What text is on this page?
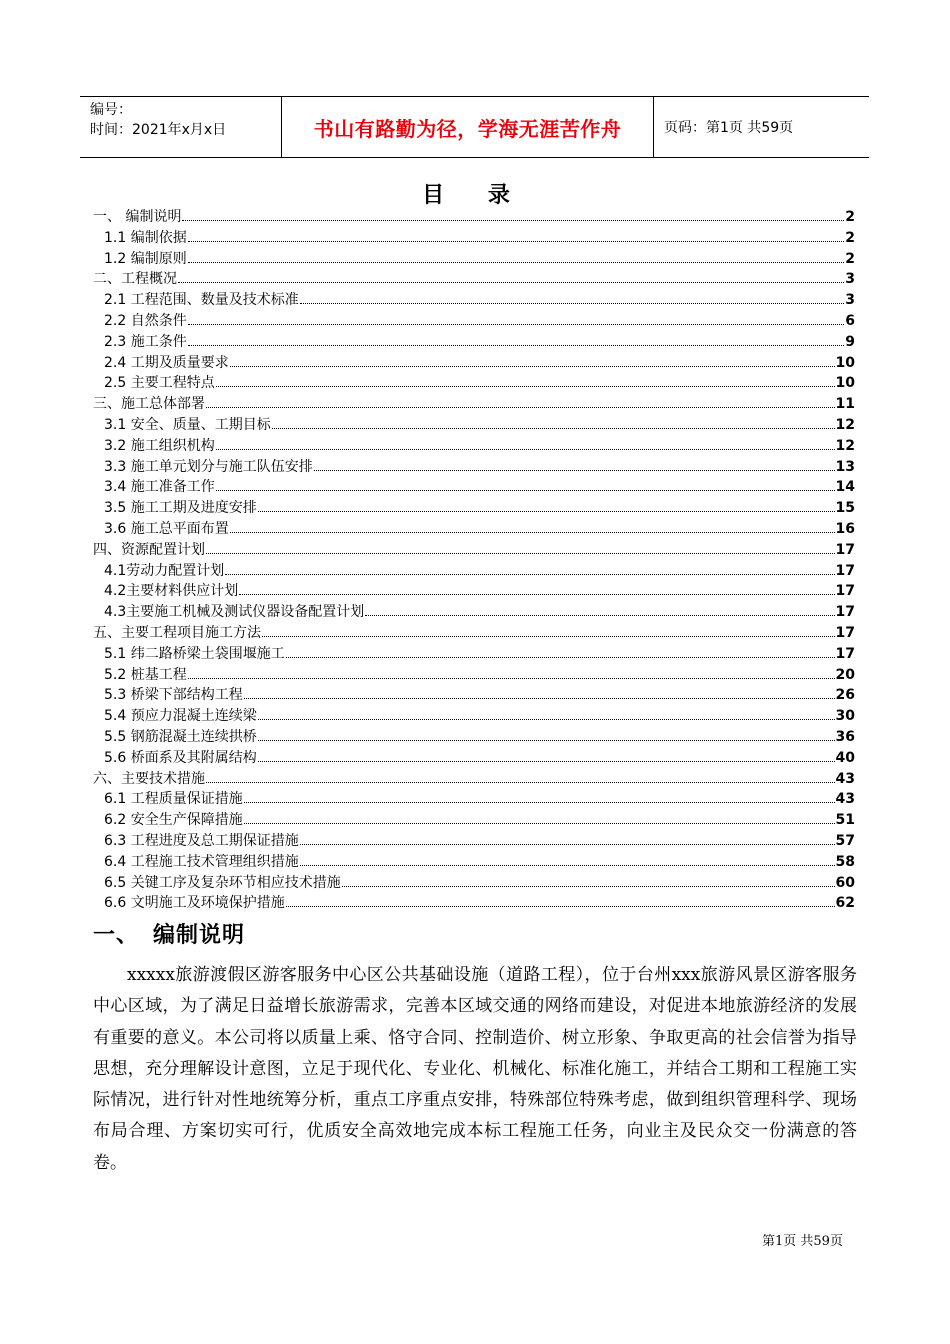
编号：
时间：2021年x月x日	书山有路勤为径，学海无涯苦作舟	页码：第1页 共59页
目 录
一、 编制说明	2
1.1 编制依据	2
1.2 编制原则	2
二、工程概况	3
2.1 工程范围、数量及技术标准	3
2.2 自然条件	6
2.3 施工条件	9
2.4 工期及质量要求	10
2.5 主要工程特点	10
三、施工总体部署	11
3.1 安全、质量、工期目标	12
3.2 施工组织机构	12
3.3 施工单元划分与施工队伍安排	13
3.4 施工准备工作	14
3.5 施工工期及进度安排	15
3.6 施工总平面布置	16
四、资源配置计划	17
4.1劳动力配置计划	17
4.2主要材料供应计划	17
4.3主要施工机械及测试仪器设备配置计划	17
五、主要工程项目施工方法	17
5.1 纬二路桥梁土袋围堰施工	17
5.2 桩基工程	20
5.3 桥梁下部结构工程	26
5.4 预应力混凝土连续梁	30
5.5 钢筋混凝土连续拱桥	36
5.6 桥面系及其附属结构	40
六、主要技术措施	43
6.1 工程质量保证措施	43
6.2 安全生产保障措施	51
6.3 工程进度及总工期保证措施	57
6.4 工程施工技术管理组织措施	58
6.5 关键工序及复杂环节相应技术措施	60
6.6 文明施工及环境保护措施	62
一、 编制说明
xxxxx旅游渡假区游客服务中心区公共基础设施（道路工程），位于台州xxx旅游风景区游客服务中心区域，为了满足日益增长旅游需求，完善本区域交通的网络而建设，对促进本地旅游经济的发展有重要的意义。本公司将以质量上乘、恪守合同、控制造价、树立形象、争取更高的社会信誉为指导思想，充分理解设计意图，立足于现代化、专业化、机械化、标准化施工，并结合工期和工程施工实际情况，进行针对性地统筹分析，重点工序重点安排，特殊部位特殊考虑，做到组织管理科学、现场布局合理、方案切实可行，优质安全高效地完成本标工程施工任务，向业主及民众交一份满意的答卷。
第1页 共59页
